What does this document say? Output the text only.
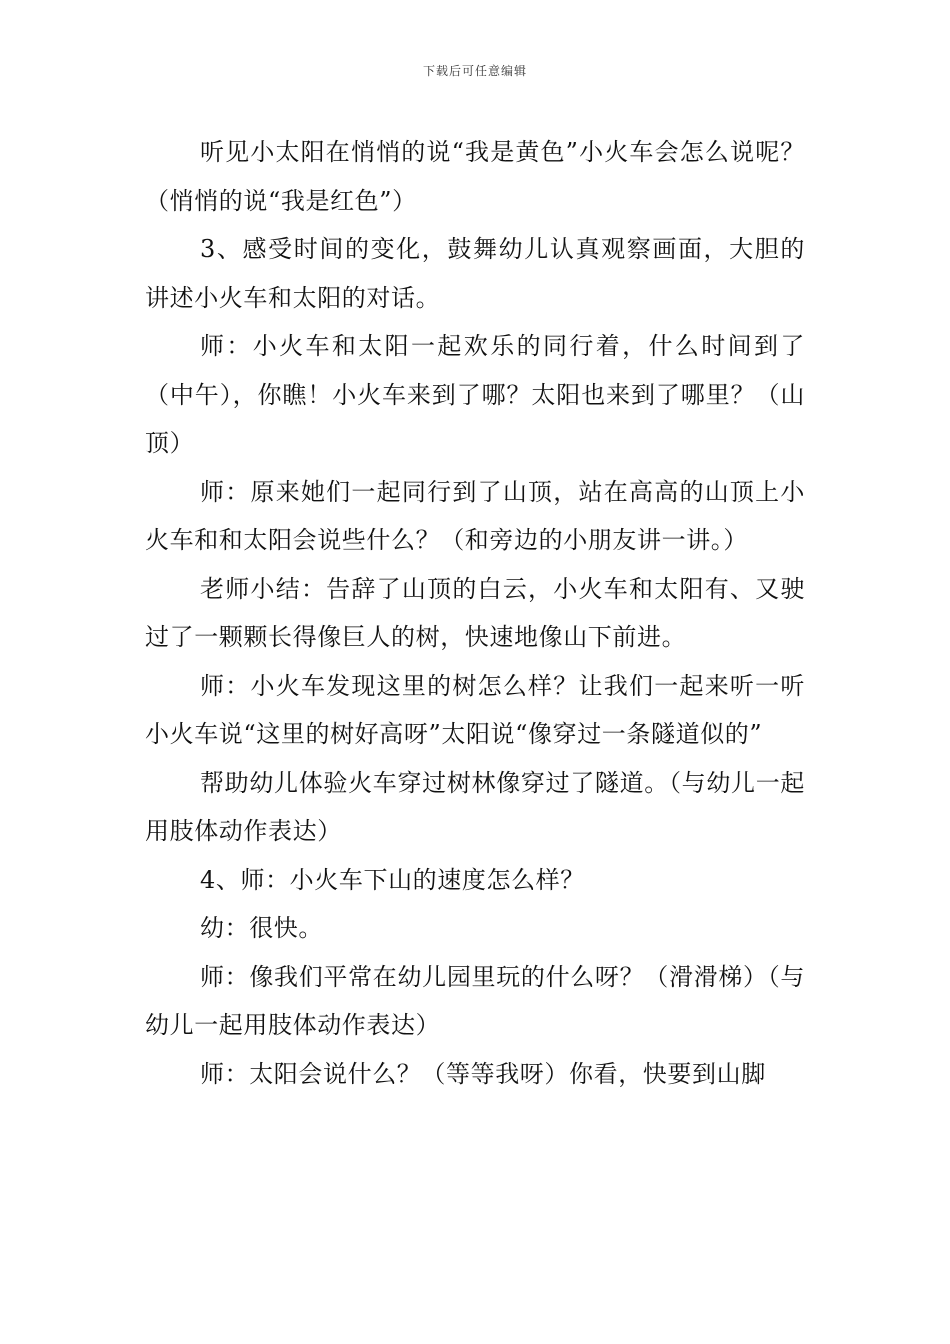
下载后可任意编辑

听见小太阳在悄悄的说“我是黄色”小火车会怎么说呢？（悄悄的说“我是红色”）

3、感受时间的变化，鼓舞幼儿认真观察画面，大胆的讲述小火车和太阳的对话。

师：小火车和太阳一起欢乐的同行着，什么时间到了（中午），你瞧！小火车来到了哪？太阳也来到了哪里？（山顶）

师：原来她们一起同行到了山顶，站在高高的山顶上小火车和和太阳会说些什么？（和旁边的小朋友讲一讲。）

老师小结：告辞了山顶的白云，小火车和太阳有、又驶过了一颗颗长得像巨人的树，快速地像山下前进。

师：小火车发现这里的树怎么样？让我们一起来听一听小火车说“这里的树好高呀”太阳说“像穿过一条隧道似的”

帮助幼儿体验火车穿过树林像穿过了隧道。（与幼儿一起用肢体动作表达）

4、师：小火车下山的速度怎么样？

幼：很快。

师：像我们平常在幼儿园里玩的什么呀？（滑滑梯）（与幼儿一起用肢体动作表达）

师：太阳会说什么？（等等我呀）你看，快要到山脚
